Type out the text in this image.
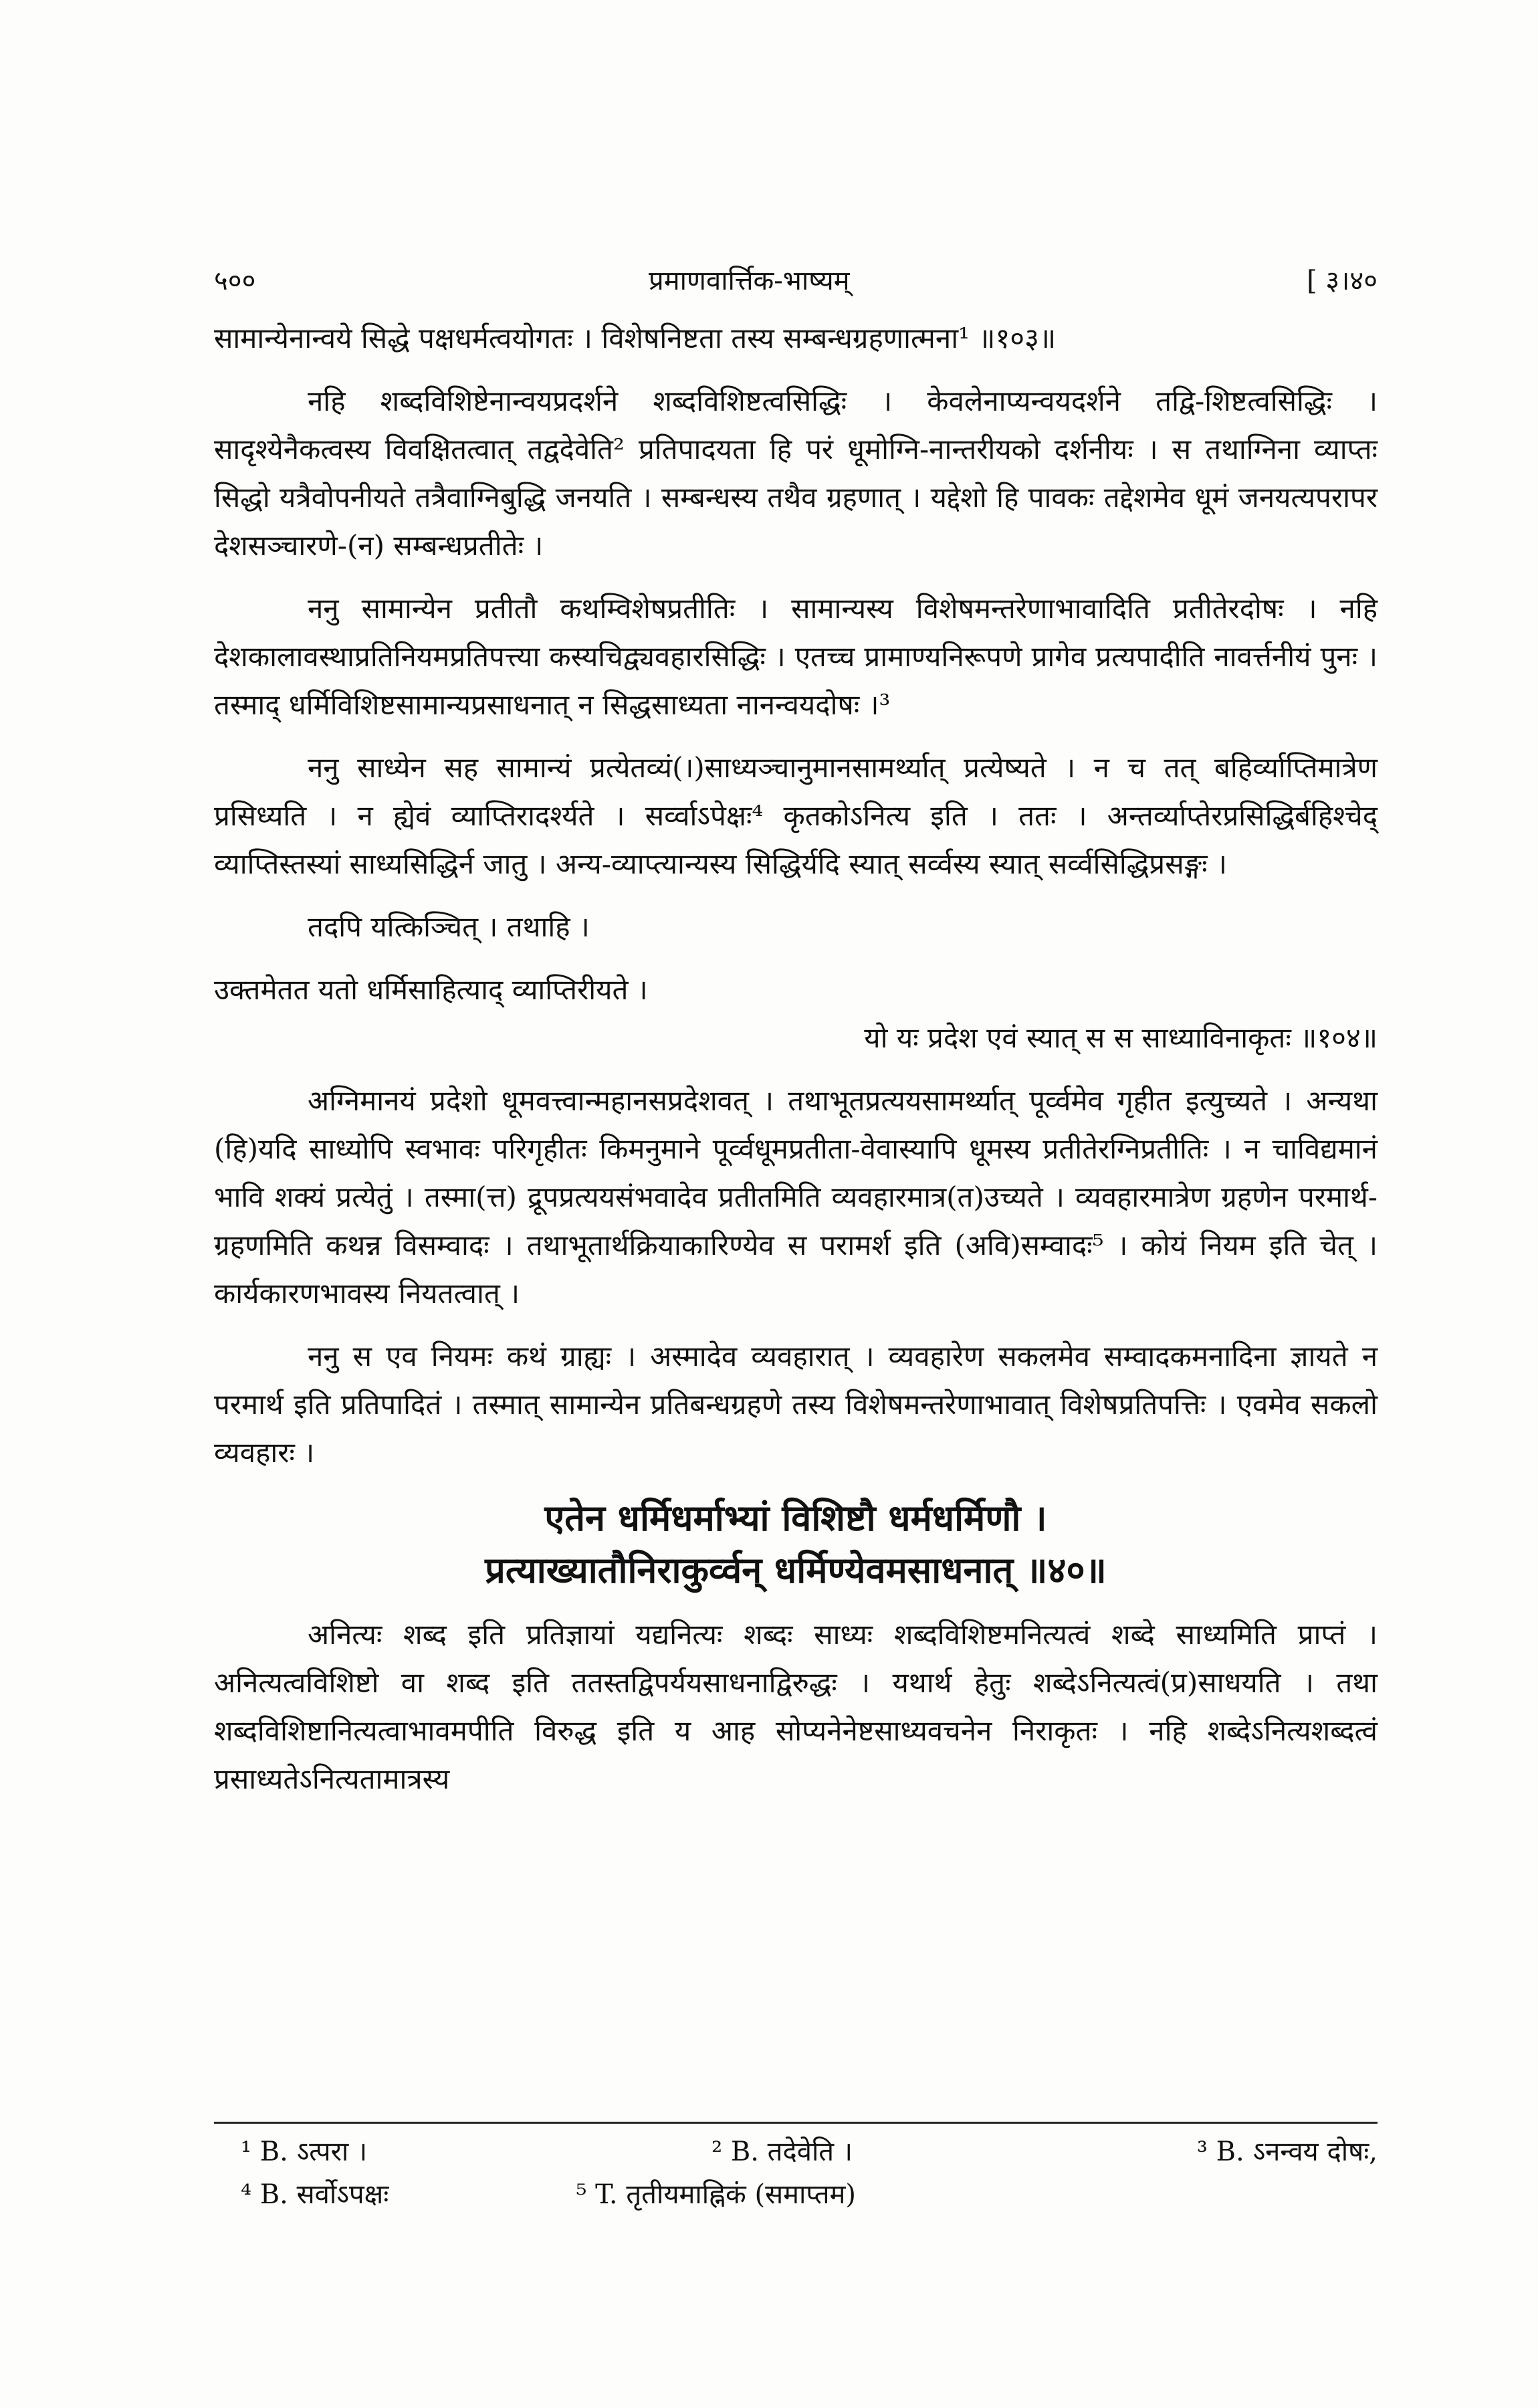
५००	प्रमाणवार्त्तिक-भाष्यम्	[ ३।४०
सामान्येनान्वये सिद्धे पक्षधर्मत्वयोगतः । विशेषनिष्टता तस्य सम्बन्धग्रहणात्मना¹ ॥१०३॥

नहि शब्दविशिष्टेनान्वयप्रदर्शने शब्दविशिष्टत्वसिद्धिः । केवलेनाप्यन्वयदर्शने तद्वि-शिष्टत्वसिद्धिः । सादृश्येनैकत्वस्य विवक्षितत्वात् तद्वदेवेति² प्रतिपादयता हि परं धूमोग्नि-नान्तरीयको दर्शनीयः । स तथाग्निना व्याप्तः सिद्धो यत्रैवोपनीयते तत्रैवाग्निबुद्धि जनयति । सम्बन्धस्य तथैव ग्रहणात् । यद्देशो हि पावकः तद्देशमेव धूमं जनयत्यपरापर देशसञ्चारणे-(न) सम्बन्धप्रतीतेः ।

ननु सामान्येन प्रतीतौ कथम्विशेषप्रतीतिः । सामान्यस्य विशेषमन्तरेणाभावादिति प्रतीतेरदोषः । नहि देशकालावस्थाप्रतिनियमप्रतिपत्त्या कस्यचिद्व्यवहारसिद्धिः । एतच्च प्रामाण्यनिरूपणे प्रागेव प्रत्यपादीति नावर्त्तनीयं पुनः । तस्माद् धर्मिविशिष्टसामान्यप्रसाधनात् न सिद्धसाध्यता नानन्वयदोषः ।³

ननु साध्येन सह सामान्यं प्रत्येतव्यं(।)साध्यञ्चानुमानसामर्थ्यात् प्रत्येष्यते । न च तत् बहिर्व्याप्तिमात्रेण प्रसिध्यति । न ह्येवं व्याप्तिरादर्श्यते । सर्व्वाऽपेक्षः⁴ कृतकोऽनित्य इति । ततः । अन्तर्व्याप्तेरप्रसिद्धिर्बहिश्चेद् व्याप्तिस्तस्यां साध्यसिद्धिर्न जातु । अन्य-व्याप्त्यान्यस्य सिद्धिर्यदि स्यात् सर्व्वस्य स्यात् सर्व्वसिद्धिप्रसङ्गः ।

तदपि यत्किञ्चित् । तथाहि ।

उक्तमेतत यतो धर्मिसाहित्याद् व्याप्तिरीयते ।
यो यः प्रदेश एवं स्यात् स स साध्याविनाकृतः ॥१०४॥

अग्निमानयं प्रदेशो धूमवत्त्वान्महानसप्रदेशवत् । तथाभूतप्रत्ययसामर्थ्यात् पूर्व्वमेव गृहीत इत्युच्यते । अन्यथा (हि)यदि साध्योपि स्वभावः परिगृहीतः किमनुमाने पूर्व्वधूमप्रतीता-वेवास्यापि धूमस्य प्रतीतेरग्निप्रतीतिः । न चाविद्यमानं भावि शक्यं प्रत्येतुं । तस्मा(त्त) द्रूपप्रत्ययसंभवादेव प्रतीतमिति व्यवहारमात्र(त)उच्यते । व्यवहारमात्रेण ग्रहणेन परमार्थ-ग्रहणमिति कथन्न विसम्वादः । तथाभूतार्थक्रियाकारिण्येव स परामर्श इति (अवि)सम्वादः⁵ । कोयं नियम इति चेत् । कार्यकारणभावस्य नियतत्वात् ।

ननु स एव नियमः कथं ग्राह्यः । अस्मादेव व्यवहारात् । व्यवहारेण सकलमेव सम्वादकमनादिना ज्ञायते न परमार्थ इति प्रतिपादितं । तस्मात् सामान्येन प्रतिबन्धग्रहणे तस्य विशेषमन्तरेणाभावात् विशेषप्रतिपत्तिः । एवमेव सकलो व्यवहारः ।

एतेन धर्मिधर्माभ्यां विशिष्टौ धर्मधर्मिणौ ।
प्रत्याख्यातौनिराकुर्व्वन् धर्मिण्येवमसाधनात् ॥४०॥

अनित्यः शब्द इति प्रतिज्ञायां यद्यनित्यः शब्दः साध्यः शब्दविशिष्टमनित्यत्वं शब्दे साध्यमिति प्राप्तं । अनित्यत्वविशिष्टो वा शब्द इति ततस्तद्विपर्ययसाधनाद्विरुद्धः । यथार्थ हेतुः शब्देऽनित्यत्वं(प्र)साधयति । तथा शब्दविशिष्टानित्यत्वाभावमपीति विरुद्ध इति य आह सोप्यनेनेष्टसाध्यवचनेन निराकृतः । नहि शब्देऽनित्यशब्दत्वं प्रसाध्यतेऽनित्यतामात्रस्य

¹ B. ऽत्परा ।	² B. तदेवेति ।	³ B. ऽनन्वय दोषः,
⁴ B. सर्वोऽपक्षः	⁵ T. तृतीयमाह्निकं (समाप्तम)
